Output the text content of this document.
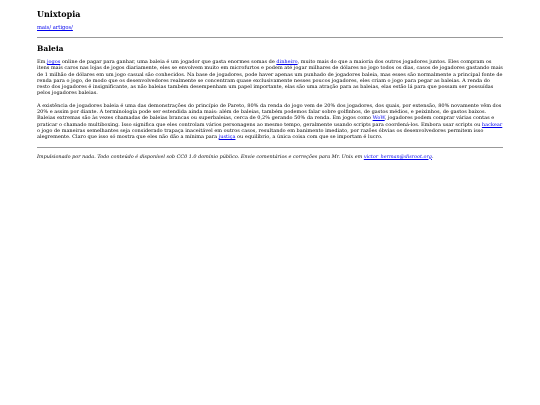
Unixtopia
mais/ artigos/
Baleia

Em jogos online de pagar para ganhar, uma baleia é um jogador que gasta enormes somas de dinheiro, muito mais do que a maioria dos outros jogadores juntos. Eles compram os itens mais caros nas lojas de jogos diariamente, eles se envolvem muito em microfurtos e podem até jogar milhares de dólares no jogo todos os dias, casos de jogadores gastando mais de 1 milhão de dólares em um jogo casual são conhecidos. Na base de jogadores, pode haver apenas um punhado de jogadores baleia, mas esses são normalmente a principal fonte de renda para o jogo, de modo que os desenvolvedores realmente se concentram quase exclusivamente nesses poucos jogadores, eles criam o jogo para pegar as baleias. A renda do resto dos jogadores é insignificante, as não baleias também desempenham um papel importante, elas são uma atração para as baleias, elas estão lá para que possam ser possuídas pelos jogadores baleias.

A existência de jogadores baleia é uma das demonstrações do princípio de Pareto, 80% da renda do jogo vem de 20% dos jogadores, dos quais, por extensão, 80% novamente vêm dos 20% e assim por diante. A terminologia pode ser estendida ainda mais: além de baleias, também podemos falar sobre golfinhos, de gastos médios, e peixinhos, de gastos baixos. Baleias extremas são às vezes chamadas de baleias brancas ou superbaleias, cerca de 0,2% gerando 50% da renda. Em jogos como WoW, jogadores podem comprar várias contas e praticar o chamado multiboxing. Isso significa que eles controlam vários personagens ao mesmo tempo, geralmente usando scripts para coordená-los. Embora usar scripts ou hackear o jogo de maneiras semelhantes seja considerado trapaça inaceitável em outros casos, resultando em banimento imediato, por razões óbvias os desenvolvedores permitem isso alegremente. Claro que isso só mostra que eles não dão a mínima para justiça ou equilíbrio, a única coisa com que se importam é lucro.

Impulsionado por nada. Todo conteúdo é disponível sob CC0 1.0 domínio público. Envie comentários e correções para Mr. Unix em victor_herman@disroot.org.
